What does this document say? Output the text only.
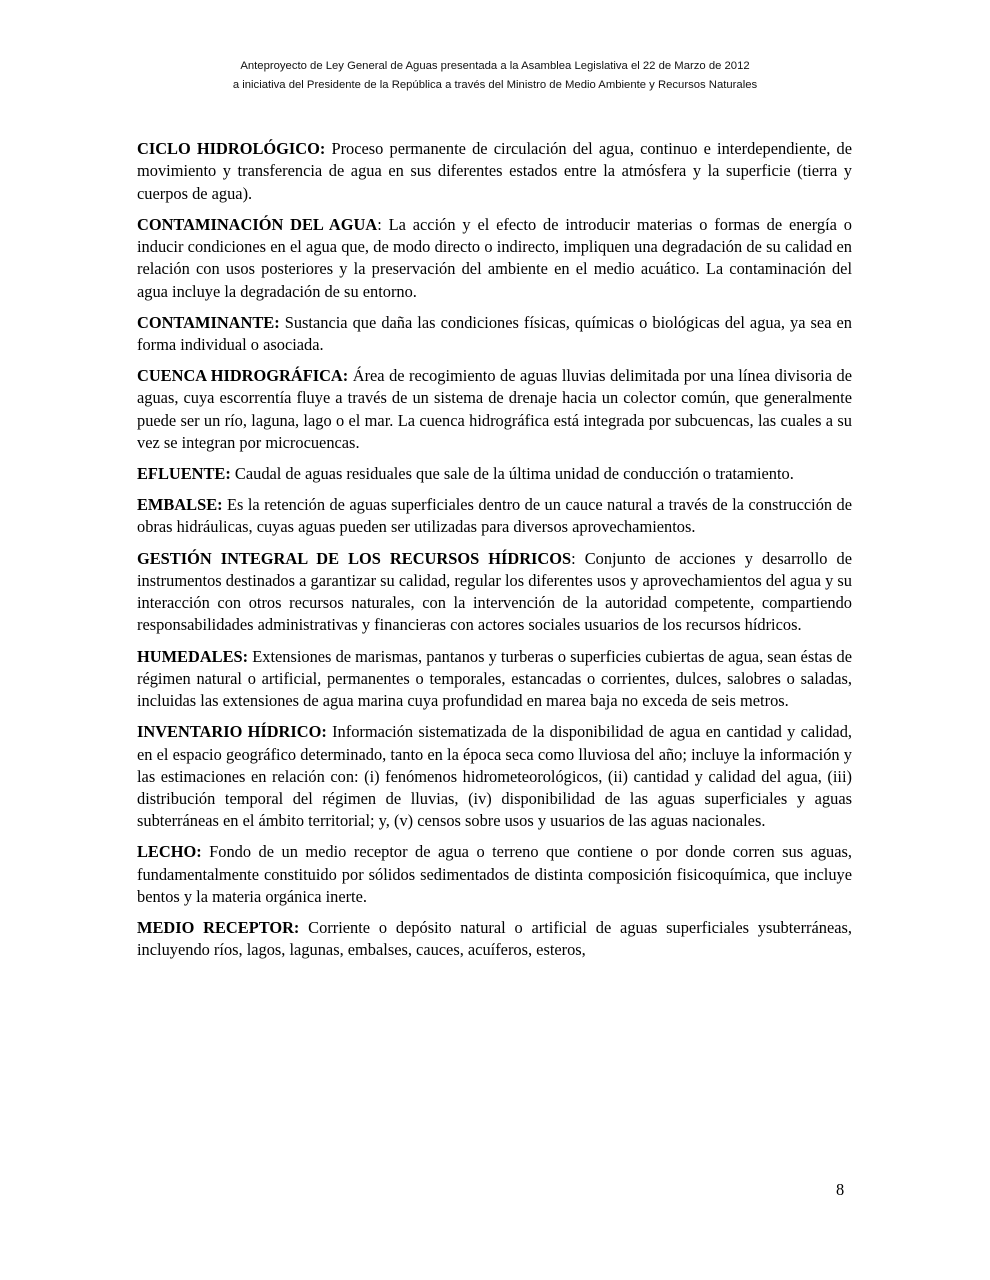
Anteproyecto de Ley General de Aguas presentada a la Asamblea Legislativa el 22 de Marzo de 2012
a iniciativa del Presidente de la República a través del Ministro de Medio Ambiente y Recursos Naturales

CICLO HIDROLÓGICO: Proceso permanente de circulación del agua, continuo e interdependiente, de movimiento y transferencia de agua en sus diferentes estados entre la atmósfera y la superficie (tierra y cuerpos de agua).

CONTAMINACIÓN DEL AGUA: La acción y el efecto de introducir materias o formas de energía o inducir condiciones en el agua que, de modo directo o indirecto, impliquen una degradación de su calidad en relación con usos posteriores y la preservación del ambiente en el medio acuático. La contaminación del agua incluye la degradación de su entorno.

CONTAMINANTE: Sustancia que daña las condiciones físicas, químicas o biológicas del agua, ya sea en forma individual o asociada.

CUENCA HIDROGRÁFICA: Área de recogimiento de aguas lluvias delimitada por una línea divisoria de aguas, cuya escorrentía fluye a través de un sistema de drenaje hacia un colector común, que generalmente puede ser un río, laguna, lago o el mar. La cuenca hidrográfica está integrada por subcuencas, las cuales a su vez se integran por microcuencas.

EFLUENTE: Caudal de aguas residuales que sale de la última unidad de conducción o tratamiento.

EMBALSE: Es la retención de aguas superficiales dentro de un cauce natural a través de la construcción de obras hidráulicas, cuyas aguas pueden ser utilizadas para diversos aprovechamientos.

GESTIÓN INTEGRAL DE LOS RECURSOS HÍDRICOS: Conjunto de acciones y desarrollo de instrumentos destinados a garantizar su calidad, regular los diferentes usos y aprovechamientos del agua y su interacción con otros recursos naturales, con la intervención de la autoridad competente, compartiendo responsabilidades administrativas y financieras con actores sociales usuarios de los recursos hídricos.

HUMEDALES: Extensiones de marismas, pantanos y turberas o superficies cubiertas de agua, sean éstas de régimen natural o artificial, permanentes o temporales, estancadas o corrientes, dulces, salobres o saladas, incluidas las extensiones de agua marina cuya profundidad en marea baja no exceda de seis metros.

INVENTARIO HÍDRICO: Información sistematizada de la disponibilidad de agua en cantidad y calidad, en el espacio geográfico determinado, tanto en la época seca como lluviosa del año; incluye la información y las estimaciones en relación con: (i) fenómenos hidrometeorológicos, (ii) cantidad y calidad del agua, (iii) distribución temporal del régimen de lluvias, (iv) disponibilidad de las aguas superficiales y aguas subterráneas en el ámbito territorial; y, (v) censos sobre usos y usuarios de las aguas nacionales.

LECHO: Fondo de un medio receptor de agua o terreno que contiene o por donde corren sus aguas, fundamentalmente constituido por sólidos sedimentados de distinta composición fisicoquímica, que incluye bentos y la materia orgánica inerte.

MEDIO RECEPTOR: Corriente o depósito natural o artificial de aguas superficiales ysubterráneas, incluyendo ríos, lagos, lagunas, embalses, cauces, acuíferos, esteros,

8
